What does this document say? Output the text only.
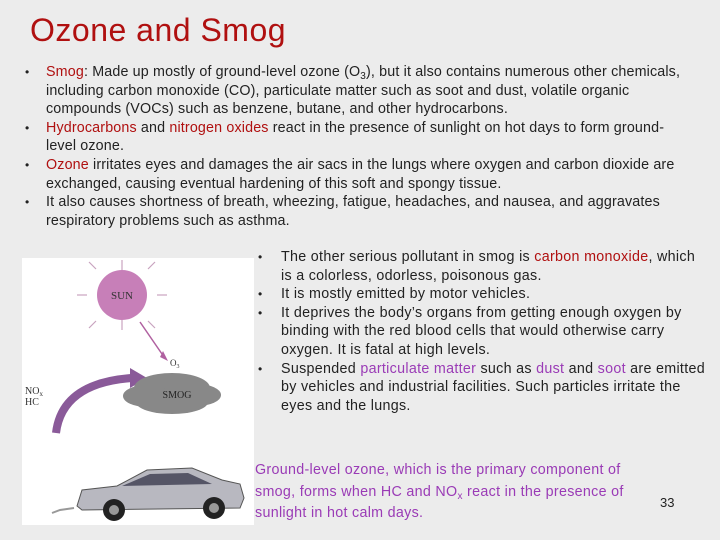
Ozone and Smog
• Smog: Made up mostly of ground-level ozone $(O_3)$, but it also contains numerous other chemicals, including carbon monoxide (CO), particulate matter such as soot and dust, volatile organic compounds (VOCs) such as benzene, butane, and other hydrocarbons.
• Hydrocarbons and nitrogen oxides react in the presence of sunlight on hot days to form ground-level ozone.
• Ozone irritates eyes and damages the air sacs in the lungs where oxygen and carbon dioxide are exchanged, causing eventual hardening of this soft and spongy tissue.
• It also causes shortness of breath, wheezing, fatigue, headaches, and nausea, and aggravates respiratory problems such as asthma.
SUN
$O_3$
SMOG
$NO_x$
HC
• The other serious pollutant in smog is carbon monoxide, which is a colorless, odorless, poisonous gas.
• It is mostly emitted by motor vehicles.
• It deprives the body’s organs from getting enough oxygen by binding with the red blood cells that would otherwise carry oxygen. It is fatal at high levels.
• Suspended particulate matter such as dust and soot are emitted by vehicles and industrial facilities. Such particles irritate the eyes and the lungs.
Ground-level ozone, which is the primary component of smog, forms when HC and $NO_x$ react in the presence of sunlight in hot calm days.
33
